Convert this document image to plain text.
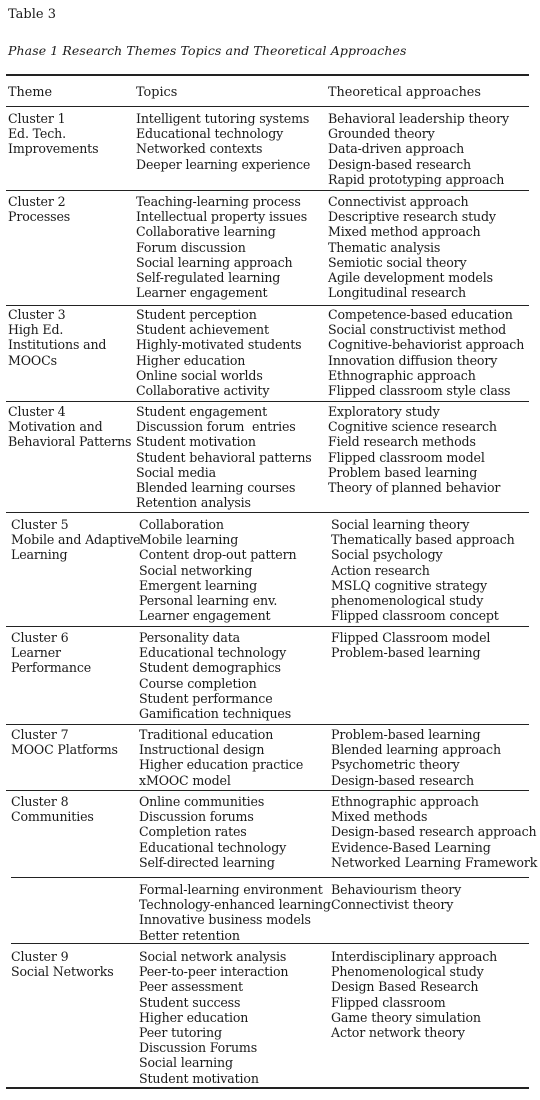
Table 3
Phase 1 Research Themes Topics and Theoretical Approaches
Theme	Topics	Theoretical approaches
Cluster 1
Ed. Tech.
Improvements
Intelligent tutoring systems
Educational technology
Networked contexts
Deeper learning experience
Behavioral leadership theory
Grounded theory
Data-driven approach
Design-based research
Rapid prototyping approach
Cluster 2
Processes
Teaching-learning process
Intellectual property issues
Collaborative learning
Forum discussion
Social learning approach
Self-regulated learning
Learner engagement
Connectivist approach
Descriptive research study
Mixed method approach
Thematic analysis
Semiotic social theory
Agile development models
Longitudinal research
Cluster 3
High Ed.
Institutions and
MOOCs
Student perception
Student achievement
Highly-motivated students
Higher education
Online social worlds
Collaborative activity
Competence-based education
Social constructivist method
Cognitive-behaviorist approach
Innovation diffusion theory
Ethnographic approach
Flipped classroom style class
Cluster 4
Motivation and
Behavioral Patterns
Student engagement
Discussion forum  entries
Student motivation
Student behavioral patterns
Social media
Blended learning courses
Retention analysis
Exploratory study
Cognitive science research
Field research methods
Flipped classroom model
Problem based learning
Theory of planned behavior
Cluster 5
Mobile and Adaptive
Learning
Collaboration
Mobile learning
Content drop-out pattern
Social networking
Emergent learning
Personal learning env.
Learner engagement
Social learning theory
Thematically based approach
Social psychology
Action research
MSLQ cognitive strategy
phenomenological study
Flipped classroom concept
Cluster 6
Learner
Performance
Personality data
Educational technology
Student demographics
Course completion
Student performance
Gamification techniques
Flipped Classroom model
Problem-based learning
Cluster 7
MOOC Platforms
Traditional education
Instructional design
Higher education practice
xMOOC model
Problem-based learning
Blended learning approach
Psychometric theory
Design-based research
Cluster 8
Communities
Online communities
Discussion forums
Completion rates
Educational technology
Self-directed learning
Ethnographic approach
Mixed methods
Design-based research approach
Evidence-Based Learning
Networked Learning Framework
Formal-learning environment
Technology-enhanced learning
Innovative business models
Better retention
Behaviourism theory
Connectivist theory
Cluster 9
Social Networks
Social network analysis
Peer-to-peer interaction
Peer assessment
Student success
Higher education
Peer tutoring
Discussion Forums
Social learning
Student motivation
Interdisciplinary approach
Phenomenological study
Design Based Research
Flipped classroom
Game theory simulation
Actor network theory
